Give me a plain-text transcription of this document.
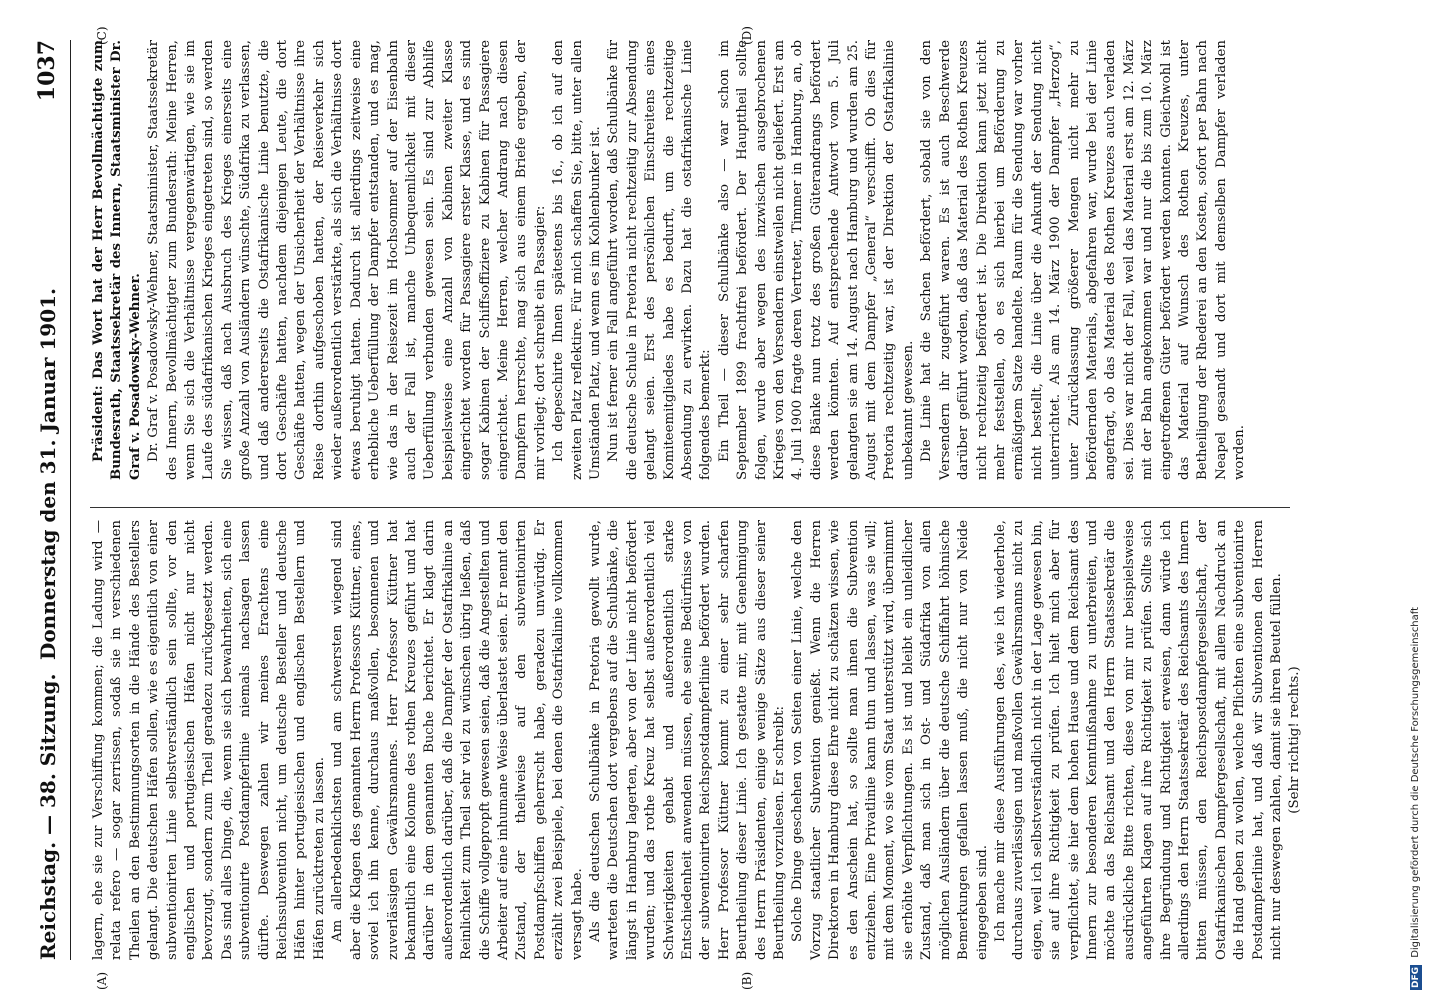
Reichstag. — 38. Sitzung.
Donnerstag den 31. Januar 1901.
1037
(A)	(B)
(C)	(D)

lagern, ehe sie zur Verschiffung kommen; die Ladung wird — relata refero — sogar zerrissen, sodaß sie in verschiedenen Theilen an den Bestimmungsorten in die Hände des Bestellers gelangt. Die deutschen Häfen sollen, wie es eigentlich von einer subventionirten Linie selbstverständlich sein sollte, vor den englischen und portugiesischen Häfen nicht nur nicht bevorzugt, sondern zum Theil geradezu zurückgesetzt werden. Das sind alles Dinge, die, wenn sie sich bewahrheiten, sich eine subventionirte Postdampferlinie niemals nachsagen lassen dürfte. Deswegen zahlen wir meines Erachtens eine Reichssubvention nicht, um deutsche Besteller und deutsche Häfen hinter portugiesischen und englischen Bestellern und Häfen zurücktreten zu lassen. Am allerbedenklichsten und am schwersten wiegend sind aber die Klagen des genannten Herrn Professors Küttner, eines, soviel ich ihn kenne, durchaus maßvollen, besonnenen und zuverlässigen Gewährsmannes. Herr Professor Küttner hat bekanntlich eine Kolonne des rothen Kreuzes geführt und hat darüber in dem genannten Buche berichtet. Er klagt darin außerordentlich darüber, daß die Dampfer der Ostafrikalinie an Reinlichkeit zum Theil sehr viel zu wünschen übrig ließen, daß die Schiffe vollgepropft gewesen seien, daß die Angestellten und Arbeiter auf eine inhumane Weise überlastet seien. Er nennt den Zustand, der theilweise auf den subventionirten Postdampfschiffen geherrscht habe, geradezu unwürdig. Er erzählt zwei Beispiele, bei denen die Ostafrikalinie vollkommen versagt habe. Als die deutschen Schulbänke in Pretoria gewollt wurde, warteten die Deutschen dort vergebens auf die Schulbänke, die längst in Hamburg lagerten, aber von der Linie nicht befördert wurden; und das rothe Kreuz hat selbst außerordentlich viel Schwierigkeiten gehabt und außerordentlich starke Entschiedenheit anwenden müssen, ehe seine Bedürfnisse von der subventionirten Reichspostdampferlinie befördert wurden. Herr Professor Küttner kommt zu einer sehr scharfen Beurtheilung dieser Linie. Ich gestatte mir, mit Genehmigung des Herrn Präsidenten, einige wenige Sätze aus dieser seiner Beurtheilung vorzulesen. Er schreibt: Solche Dinge geschehen von Seiten einer Linie, welche den Vorzug staatlicher Subvention genießt. Wenn die Herren Direktoren in Hamburg diese Ehre nicht zu schätzen wissen, wie es den Anschein hat, so sollte man ihnen die Subvention entziehen. Eine Privatlinie kann thun und lassen, was sie will; mit dem Moment, wo sie vom Staat unterstützt wird, übernimmt sie erhöhte Verpflichtungen. Es ist und bleibt ein unleidlicher Zustand, daß man sich in Ost- und Südafrika von allen möglichen Ausländern über die deutsche Schiffahrt höhnische Bemerkungen gefallen lassen muß, die nicht nur von Neide eingegeben sind. Ich mache mir diese Ausführungen des, wie ich wiederhole, durchaus zuverlässigen und maßvollen Gewährsmanns nicht zu eigen, weil ich selbstverständlich nicht in der Lage gewesen bin, sie auf ihre Richtigkeit zu prüfen. Ich hielt mich aber für verpflichtet, sie hier dem hohen Hause und dem Reichsamt des Innern zur besonderen Kenntnißnahme zu unterbreiten, und möchte an das Reichsamt und den Herrn Staatssekretär die ausdrückliche Bitte richten, diese von mir nur beispielsweise angeführten Klagen auf ihre Richtigkeit zu prüfen. Sollte sich ihre Begründung und Richtigkeit erweisen, dann würde ich allerdings den Herrn Staatssekretär des Reichsamts des Innern bitten müssen, den Reichspostdampfergesellschaft, der Ostafrikanischen Dampfergesellschaft, mit allem Nachdruck an die Hand geben zu wollen, welche Pflichten eine subventionirte Postdampferlinie hat, und daß wir Subventionen den Herren nicht nur deswegen zahlen, damit sie ihren Beutel füllen. (Sehr richtig! rechts.)

Präsident: Das Wort hat der Herr Bevollmächtigte zum Bundesrath, Staatssekretär des Innern, Staatsminister Dr. Graf v. Posadowsky-Wehner. Dr. Graf v. Posadowsky-Wehner, Staatsminister, Staatssekretär des Innern, Bevollmächtigter zum Bundesrath: Meine Herren, wenn Sie sich die Verhältnisse vergegenwärtigen, wie sie im Laufe des südafrikanischen Krieges eingetreten sind, so werden Sie wissen, daß nach Ausbruch des Krieges einerseits eine große Anzahl von Ausländern wünschte, Südafrika zu verlassen, und daß andererseits die Ostafrikanische Linie benutzte, die dort Geschäfte hatten, nachdem diejenigen Leute, die dort Geschäfte hatten, wegen der Unsicherheit der Verhältnisse ihre Reise dorthin aufgeschoben hatten, der Reiseverkehr sich wieder außerordentlich verstärkte, als sich die Verhältnisse dort etwas beruhigt hatten. Dadurch ist allerdings zeitweise eine erhebliche Ueberfüllung der Dampfer entstanden, und es mag, wie das in der Reisezeit im Hochsommer auf der Eisenbahn auch der Fall ist, manche Unbequemlichkeit mit dieser Ueberfüllung verbunden gewesen sein. Es sind zur Abhilfe beispielsweise eine Anzahl von Kabinen zweiter Klasse eingerichtet worden für Passagiere erster Klasse, und es sind sogar Kabinen der Schiffsoffiziere zu Kabinen für Passagiere eingerichtet. Meine Herren, welcher Andrang nach diesen Dampfern herrschte, mag sich aus einem Briefe ergeben, der mir vorliegt; dort schreibt ein Passagier: Ich depeschirte Ihnen spätestens bis 16., ob ich auf den zweiten Platz reflektire. Für mich schaffen Sie, bitte, unter allen Umständen Platz, und wenn es im Kohlenbunker ist. Nun ist ferner ein Fall angeführt worden, daß Schulbänke für die deutsche Schule in Pretoria nicht rechtzeitig zur Absendung gelangt seien. Erst des persönlichen Einschreitens eines Komiteemitgliedes habe es bedurft, um die rechtzeitige Absendung zu erwirken. Dazu hat die ostafrikanische Linie folgendes bemerkt: Ein Theil — dieser Schulbänke also — war schon im September 1899 frachtfrei befördert. Der Haupttheil sollte folgen, wurde aber wegen des inzwischen ausgebrochenen Krieges von den Versendern einstweilen nicht geliefert. Erst am 4. Juli 1900 fragte deren Vertreter, Timmer in Hamburg, an, ob diese Bänke nun trotz des großen Güterandrangs befördert werden könnten. Auf entsprechende Antwort vom 5. Juli gelangten sie am 14. August nach Hamburg und wurden am 25. August mit dem Dampfer „General“ verschifft. Ob dies für Pretoria rechtzeitig war, ist der Direktion der Ostafrikalinie unbekannt gewesen. Die Linie hat die Sachen befördert, sobald sie von den Versendern ihr zugeführt waren. Es ist auch Beschwerde darüber geführt worden, daß das Material des Rothen Kreuzes nicht rechtzeitig befördert ist. Die Direktion kann jetzt nicht mehr feststellen, ob es sich hierbei um Beförderung zu ermäßigtem Satze handelte. Raum für die Sendung war vorher nicht bestellt, die Linie über die Ankunft der Sendung nicht unterrichtet. Als am 14. März 1900 der Dampfer „Herzog“, unter Zurücklassung größerer Mengen nicht mehr zu befördernden Materials, abgefahren war, wurde bei der Linie angefragt, ob das Material des Rothen Kreuzes auch verladen sei. Dies war nicht der Fall, weil das Material erst am 12. März mit der Bahn angekommen war und nur die bis zum 10. März eingetroffenen Güter befördert werden konnten. Gleichwohl ist das Material auf Wunsch des Rothen Kreuzes, unter Betheiligung der Rhederei an den Kosten, sofort per Bahn nach Neapel gesandt und dort mit demselben Dampfer verladen worden.

DFG Digitalisierung gefördert durch die Deutsche Forschungsgemeinschaft
